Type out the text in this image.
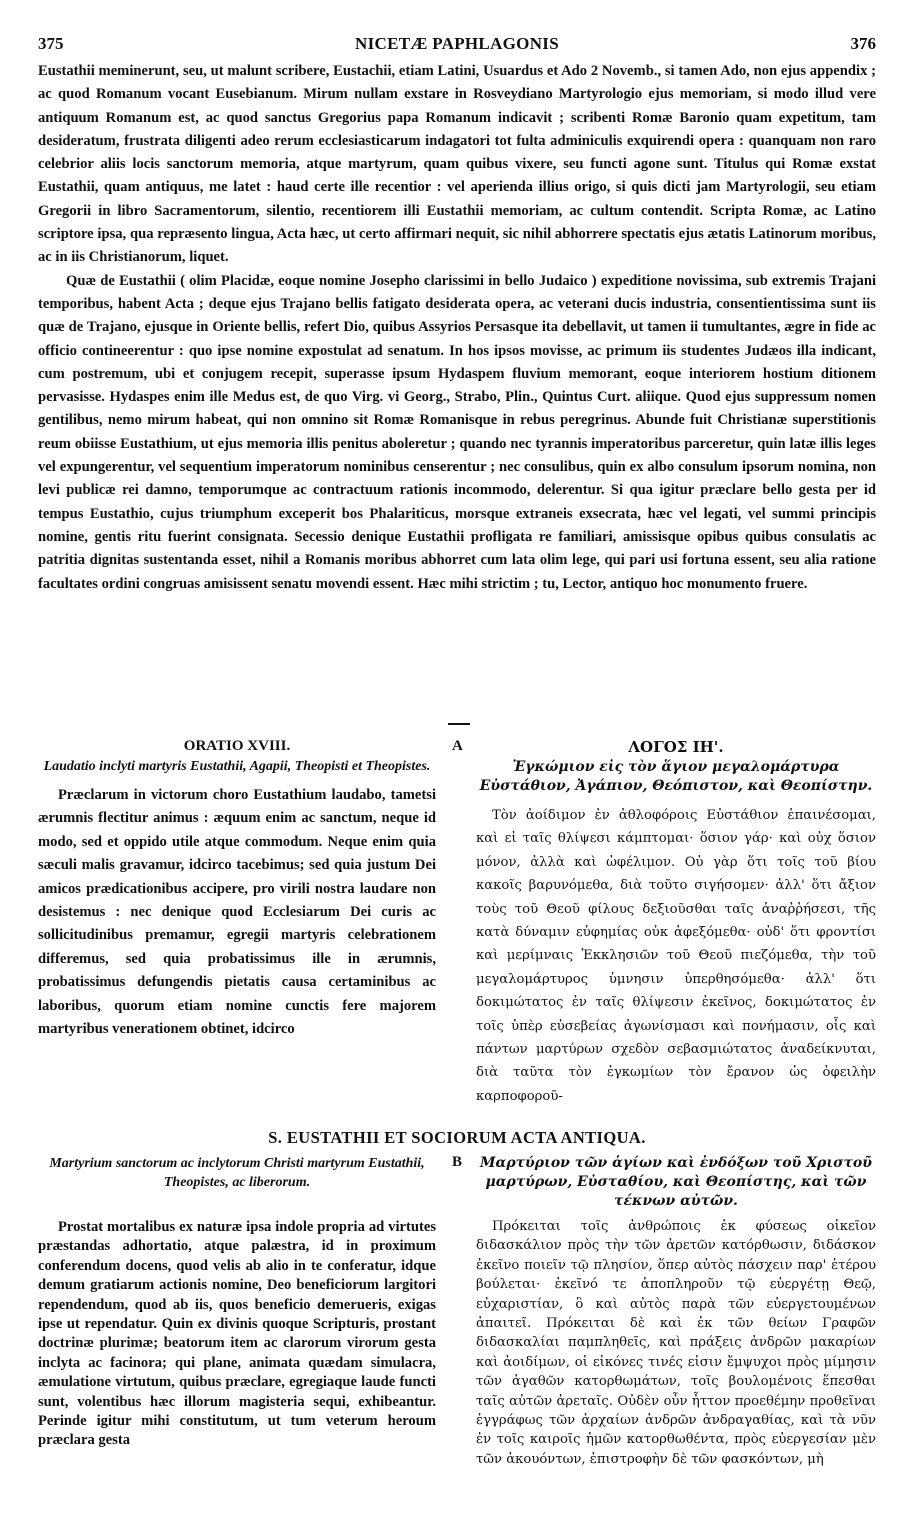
375	NICETÆ PAPHLAGONIS	376

Eustathii meminerunt, seu, ut malunt scribere, Eustachii, etiam Latini, Usuardus et Ado 2 Novemb., si tamen Ado, non ejus appendix ; ac quod Romanum vocant Eusebianum. Mirum nullam exstare in Rosveydiano Martyrologio ejus memoriam, si modo illud vere antiquum Romanum est, ac quod sanctus Gregorius papa Romanum indicavit ; scribenti Romæ Baronio quam expetitum, tam desideratum, frustrata diligenti adeo rerum ecclesiasticarum indagatori tot fulta adminiculis exquirendi opera : quanquam non raro celebrior aliis locis sanctorum memoria, atque martyrum, quam quibus vixere, seu functi agone sunt. Titulus qui Romæ exstat Eustathii, quam antiquus, me latet : haud certe ille recentior : vel aperienda illius origo, si quis dicti jam Martyrologii, seu etiam Gregorii in libro Sacramentorum, silentio, recentiorem illi Eustathii memoriam, ac cultum contendit. Scripta Romæ, ac Latino scriptore ipsa, qua repræsento lingua, Acta hæc, ut certo affirmari nequit, sic nihil abhorrere spectatis ejus ætatis Latinorum moribus, ac in iis Christianorum, liquet.

Quæ de Eustathii ( olim Placidæ, eoque nomine Josepho clarissimi in bello Judaico ) expeditione novissima, sub extremis Trajani temporibus, habent Acta ; deque ejus Trajano bellis fatigato desiderata opera, ac veterani ducis industria, consentientissima sunt iis quæ de Trajano, ejusque in Oriente bellis, refert Dio, quibus Assyrios Persasque ita debellavit, ut tamen ii tumultantes, ægre in fide ac officio contineerentur : quo ipse nomine expostulat ad senatum. In hos ipsos movisse, ac primum iis studentes Judæos illa indicant, cum postremum, ubi et conjugem recepit, superasse ipsum Hydaspem fluvium memorant, eoque interiorem hostium ditionem pervasisse. Hydaspes enim ille Medus est, de quo Virg. vi Georg., Strabo, Plin., Quintus Curt. aliique. Quod ejus suppressum nomen gentilibus, nemo mirum habeat, qui non omnino sit Romæ Romanisque in rebus peregrinus. Abunde fuit Christianæ superstitionis reum obiisse Eustathium, ut ejus memoria illis penitus aboleretur ; quando nec tyrannis imperatoribus parceretur, quin latæ illis leges vel expungerentur, vel sequentium imperatorum nominibus censerentur ; nec consulibus, quin ex albo consulum ipsorum nomina, non levi publicæ rei damno, temporumque ac contractuum rationis incommodo, delerentur. Si qua igitur præclare bello gesta per id tempus Eustathio, cujus triumphum exceperit bos Phalariticus, morsque extraneis exsecrata, hæc vel legati, vel summi principis nomine, gentis ritu fuerint consignata. Secessio denique Eustathii profligata re familiari, amissisque opibus quibus consulatis ac patritia dignitas sustentanda esset, nihil a Romanis moribus abhorret cum lata olim lege, qui pari usi fortuna essent, seu alia ratione facultates ordini congruas amisissent senatu movendi essent. Hæc mihi strictim ; tu, Lector, antiquo hoc monumento fruere.

ORATIO XVIII.

Laudatio inclyti martyris Eustathii, Agapii, Theopisti et Theopistes.

Præclarum in victorum choro Eustathium laudabo, tametsi ærumnis flectitur animus : æquum enim ac sanctum, neque id modo, sed et oppido utile atque commodum. Neque enim quia sæculi malis gravamur, idcirco tacebimus; sed quia justum Dei amicos prædicationibus accipere, pro virili nostra laudare non desistemus : nec denique quod Ecclesiarum Dei curis ac sollicitudinibus premamur, egregii martyris celebrationem differemus, sed quia probatissimus ille in ærumnis, probatissimus defungendis pietatis causa certaminibus ac laboribus, quorum etiam nomine cunctis fere majorem martyribus venerationem obtinet, idcirco

A	ΛΟΓΟΣ ΙΗ'.

Ἐγκώμιον εἰς τὸν ἅγιον μεγαλομάρτυρα Εὐστάθιον, Ἀγάπιον, Θεόπιστον, καὶ Θεοπίστην.

Τὸν ἀοίδιμον ἐν ἀθλοφόροις Εὐστάθιον ἐπαινέσομαι, καὶ εἰ ταῖς θλίψεσι κάμπτομαι· ὅσιον γάρ· καὶ οὐχ ὅσιον μόνον, ἀλλὰ καὶ ὠφέλιμον. Οὐ γὰρ ὅτι τοῖς τοῦ βίου κακοῖς βαρυνόμεθα, διὰ τοῦτο σιγήσομεν· ἀλλ' ὅτι ἄξιον τοὺς τοῦ Θεοῦ φίλους δεξιοῦσθαι ταῖς ἀναῤῥήσεσι, τῆς κατὰ δύναμιν εὐφημίας οὐκ ἀφεξόμεθα· οὐδ' ὅτι φροντίσι καὶ μερίμναις Ἐκκλησιῶν τοῦ Θεοῦ πιεζόμεθα, τὴν τοῦ μεγαλομάρτυρος ὑμνησιν ὑπερθησόμεθα· ἀλλ' ὅτι δοκιμώτατος ἐν ταῖς θλίψεσιν ἐκεῖνος, δοκιμώτατος ἐν τοῖς ὑπὲρ εὐσεβείας ἀγωνίσμασι καὶ πονήμασιν, οἷς καὶ πάντων μαρτύρων σχεδὸν σεβασμιώτατος ἀναδείκνυται, διὰ ταῦτα τὸν ἐγκωμίων τὸν ἔρανον ὡς ὀφειλὴν καρποφοροῦ-

S. EUSTATHII ET SOCIORUM ACTA ANTIQUA.

Martyrium sanctorum ac inclytorum Christi martyrum Eustathii, Theopistes, ac liberorum.

Prostat mortalibus ex naturæ ipsa indole propria ad virtutes præstandas adhortatio, atque palæstra, id in proximum conferendum docens, quod velis ab alio in te conferatur, idque demum gratiarum actionis nomine, Deo beneficiorum largitori rependendum, quod ab iis, quos beneficio demerueris, exigas ipse ut rependatur. Quin ex divinis quoque Scripturis, prostant doctrinæ plurimæ; beatorum item ac clarorum virorum gesta inclyta ac facinora; qui plane, animata quædam simulacra, æmulatione virtutum, quibus præclare, egregiaque laude functi sunt, volentibus hæc illorum magisteria sequi, exhibeantur. Perinde igitur mihi constitutum, ut tum veterum heroum præclara gesta

B Μαρτύριον τῶν ἁγίων καὶ ἐνδόξων τοῦ Χριστοῦ μαρτύρων, Εὐσταθίου, καὶ Θεοπίστης, καὶ τῶν τέκνων αὐτῶν.

Πρόκειται τοῖς ἀνθρώποις ἐκ φύσεως οἰκεῖον διδασκάλιον πρὸς τὴν τῶν ἀρετῶν κατόρθωσιν, διδάσκον ἐκεῖνο ποιεῖν τῷ πλησίον, ὅπερ αὐτὸς πάσχειν παρ' ἑτέρου βούλεται· ἐκεῖνό τε ἀποπληροῦν τῷ εὐεργέτῃ Θεῷ, εὐχαριστίαν, ὃ καὶ αὐτὸς παρὰ τῶν εὐεργετουμένων ἀπαιτεῖ. Πρόκειται δὲ καὶ ἐκ τῶν θείων Γραφῶν διδασκαλίαι παμπληθεῖς, καὶ πράξεις ἀνδρῶν μακαρίων καὶ ἀοιδίμων, οἱ εἰκόνες τινές εἰσιν ἔμψυχοι πρὸς μίμησιν τῶν ἀγαθῶν κατορθωμάτων, τοῖς βουλομένοις ἕπεσθαι ταῖς αὐτῶν ἀρεταῖς. Οὐδὲν οὖν ἧττον προεθέμην προθεῖναι ἐγγράφως τῶν ἀρχαίων ἀνδρῶν ἀνδραγαθίας, καὶ τὰ νῦν ἐν τοῖς καιροῖς ἡμῶν κατορθωθέντα, πρὸς εὐεργεσίαν μὲν τῶν ἀκουόντων, ἐπιστροφὴν δὲ τῶν φασκόντων, μὴ
